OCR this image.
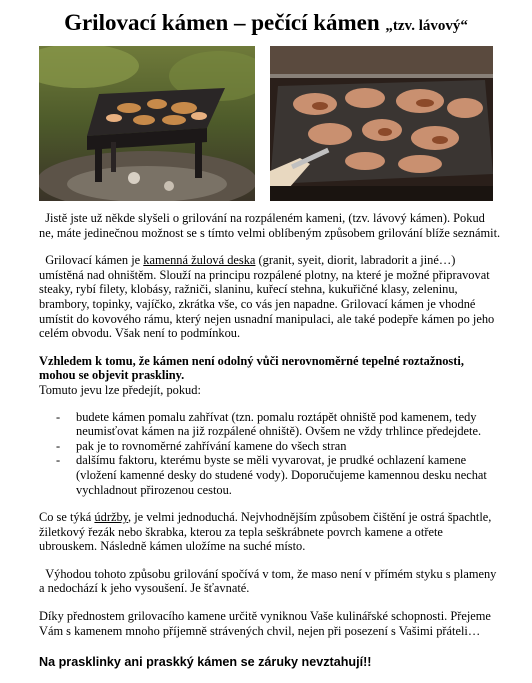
Grilovací kámen – pečící kámen „tzv. lávový“

Jistě jste už někde slyšeli o grilování na rozpáleném kameni, (tzv. lávový kámen). Pokud ne, máte jedinečnou možnost se s tímto velmi oblíbeným způsobem grilování blíže seznámit.

Grilovací kámen je kamenná žulová deska (granit, syeit, diorit, labradorit a jiné…) umístěná nad ohništěm. Slouží na principu rozpálené plotny, na které je možné připravovat steaky, rybí filety, klobásy, ražniči, slaninu, kuřecí stehna, kukuřičné klasy, zeleninu, brambory, topinky, vajíčko, zkrátka vše, co vás jen napadne. Grilovací kámen je vhodné umístit do kovového rámu, který nejen usnadní manipulaci, ale také podepře kámen po jeho celém obvodu. Však není to podmínkou.

Vzhledem k tomu, že kámen není odolný vůči nerovnoměrné tepelné roztažnosti, mohou se objevit praskliny.

Tomuto jevu lze předejít, pokud:

- budete kámen pomalu zahřívat (tzn. pomalu roztápět ohniště pod kamenem, tedy neumisťovat kámen na již rozpálené ohniště). Ovšem ne vždy trhlince předejdete.
- pak je to rovnoměrné zahřívání kamene do všech stran
- dalšímu faktoru, kterému byste se měli vyvarovat, je prudké ochlazení kamene (vložení kamenné desky do studené vody). Doporučujeme kamennou desku nechat vychladnout přirozenou cestou.

Co se týká údržby, je velmi jednoduchá. Nejvhodnějším způsobem čištění je ostrá špachtle, žiletkový řezák nebo škrabka, kterou za tepla seškrábnete povrch kamene a otřete ubrouskem. Následně kámen uložíme na suché místo.

Výhodou tohoto způsobu grilování spočívá v tom, že maso není v přímém styku s plameny a nedochází k jeho vysoušení. Je šťavnaté.

Díky přednostem grilovacího kamene určitě vyniknou Vaše kulinářské schopnosti. Přejeme Vám s kamenem mnoho příjemně strávených chvil, nejen při posezení s Vašimi přáteli…

Na prasklinky ani praskký kámen se záruky nevztahují!!
